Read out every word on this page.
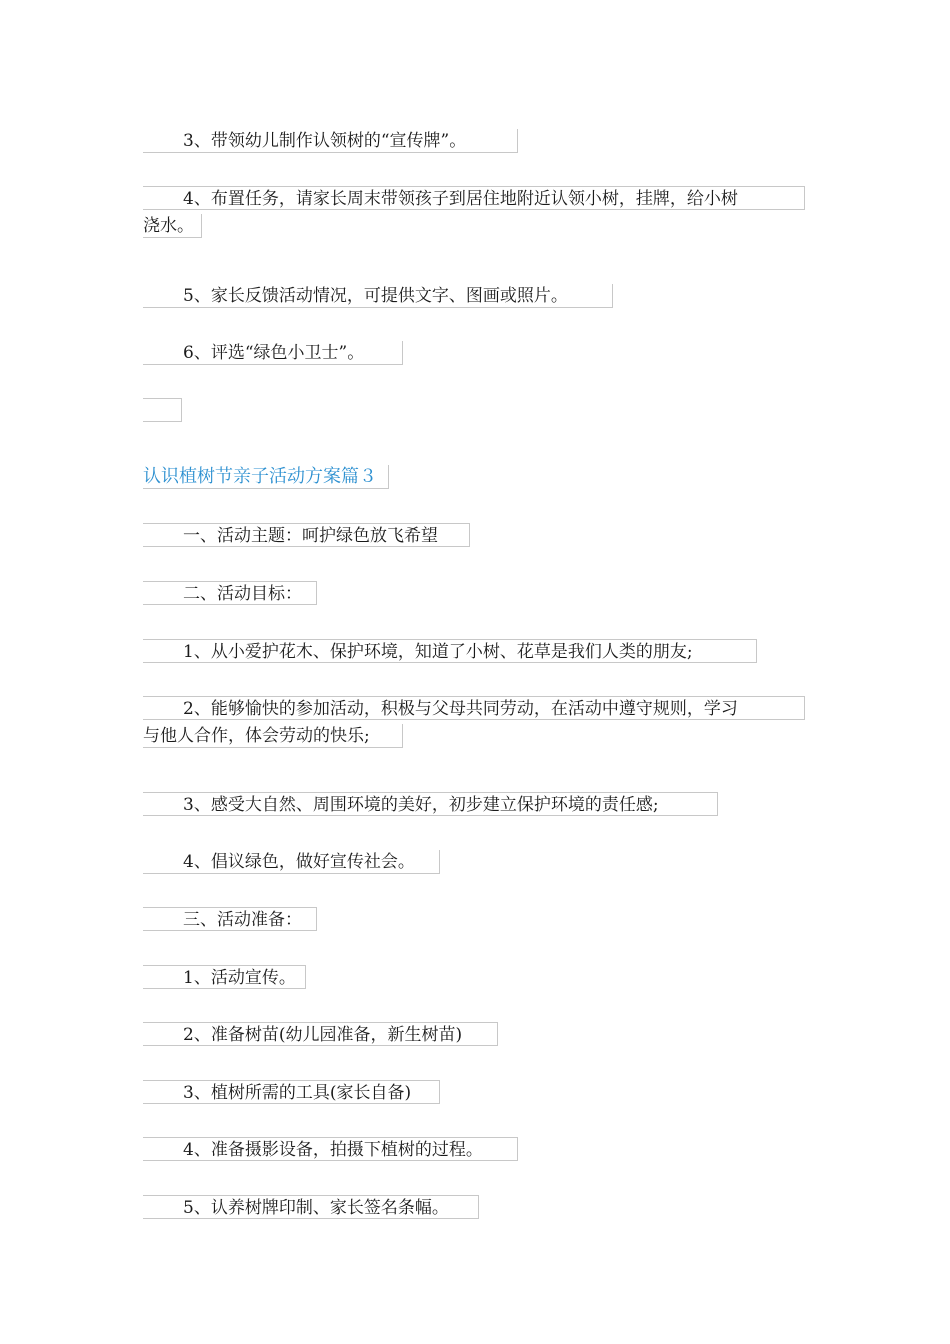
3、带领幼儿制作认领树的“宣传牌”。
4、布置任务，请家长周末带领孩子到居住地附近认领小树，挂牌，给小树
浇水。
5、家长反馈活动情况，可提供文字、图画或照片。
6、评选“绿色小卫士”。
认识植树节亲子活动方案篇３
一、活动主题：呵护绿色放飞希望
二、活动目标：
1、从小爱护花木、保护环境，知道了小树、花草是我们人类的朋友;
2、能够愉快的参加活动，积极与父母共同劳动，在活动中遵守规则，学习
与他人合作，体会劳动的快乐;
3、感受大自然、周围环境的美好，初步建立保护环境的责任感;
4、倡议绿色，做好宣传社会。
三、活动准备：
1、活动宣传。
2、准备树苗(幼儿园准备，新生树苗)
3、植树所需的工具(家长自备)
4、准备摄影设备，拍摄下植树的过程。
5、认养树牌印制、家长签名条幅。
